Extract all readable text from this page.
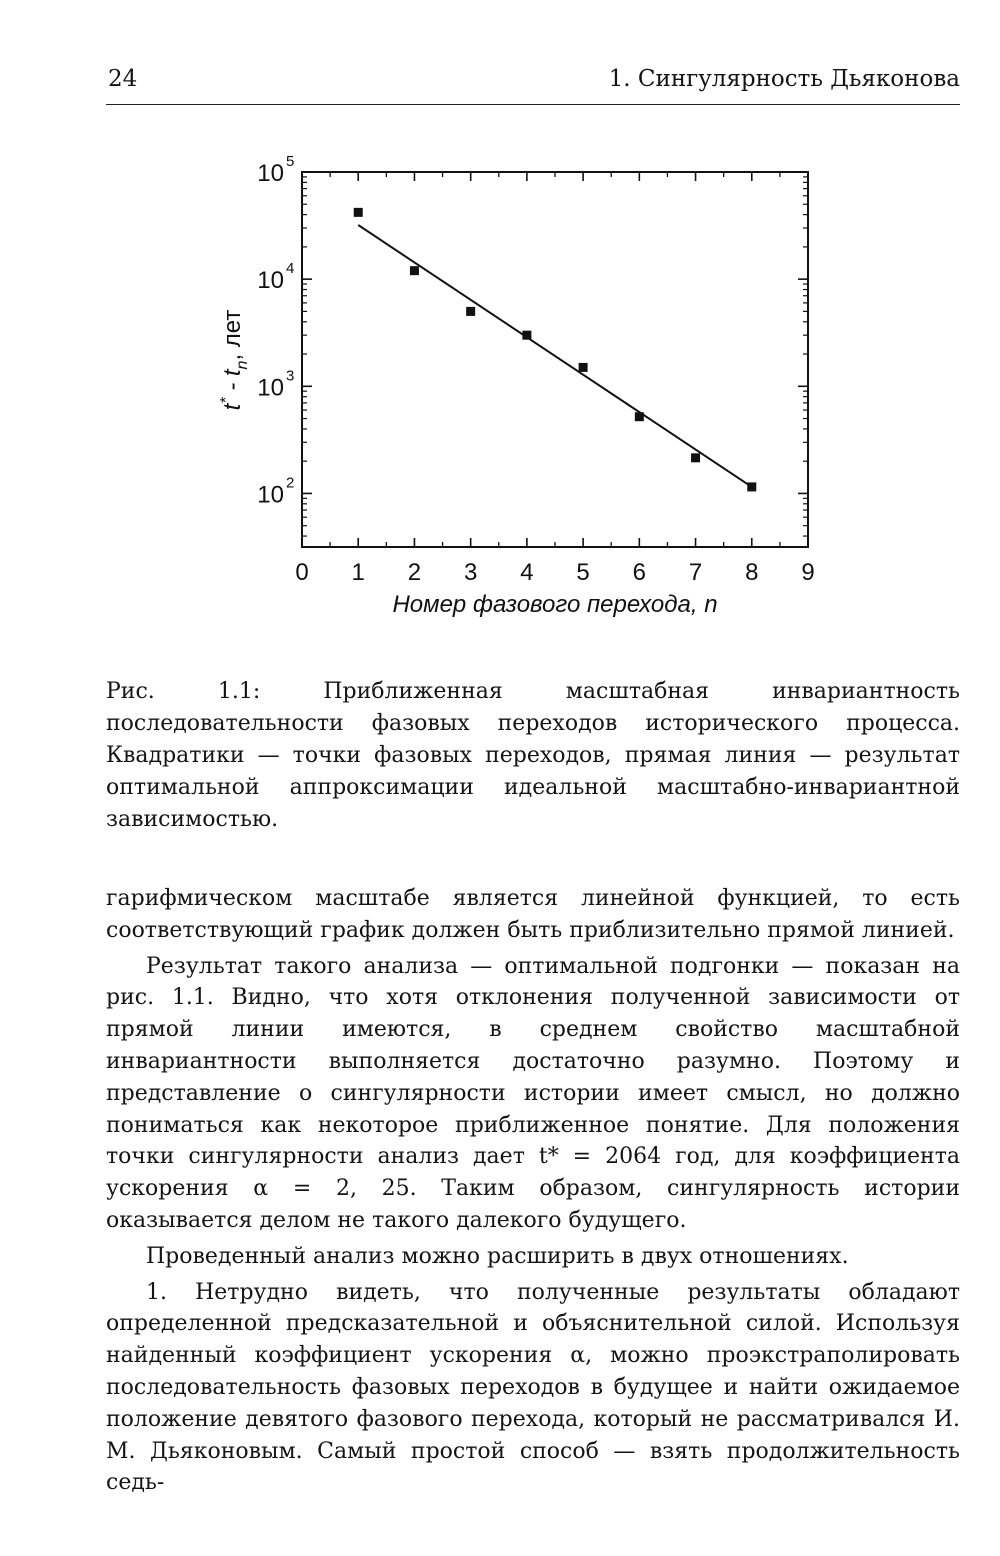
24	1. Сингулярность Дьяконова
0 1 2 3 4 5 6 7 8 9
10 2
10 3
10 4
10 5
Номер фазового перехода, n
$t^* - t_n$, лет
Рис. 1.1: Приближенная масштабная инвариантность последовательности фазовых переходов исторического процесса. Квадратики — точки фазовых переходов, прямая линия — результат оптимальной аппроксимации идеальной масштабно-инвариантной зависимостью.

гарифмическом масштабе является линейной функцией, то есть соответствующий график должен быть приблизительно прямой линией.

Результат такого анализа — оптимальной подгонки — показан на рис. 1.1. Видно, что хотя отклонения полученной зависимости от прямой линии имеются, в среднем свойство масштабной инвариантности выполняется достаточно разумно. Поэтому и представление о сингулярности истории имеет смысл, но должно пониматься как некоторое приближенное понятие. Для положения точки сингулярности анализ дает t* = 2064 год, для коэффициента ускорения α = 2, 25. Таким образом, сингулярность истории оказывается делом не такого далекого будущего.

Проведенный анализ можно расширить в двух отношениях.

1. Нетрудно видеть, что полученные результаты обладают определенной предсказательной и объяснительной силой. Используя найденный коэффициент ускорения α, можно проэкстраполировать последовательность фазовых переходов в будущее и найти ожидаемое положение девятого фазового перехода, который не рассматривался И. М. Дьяконовым. Самый простой способ — взять продолжительность седь-
